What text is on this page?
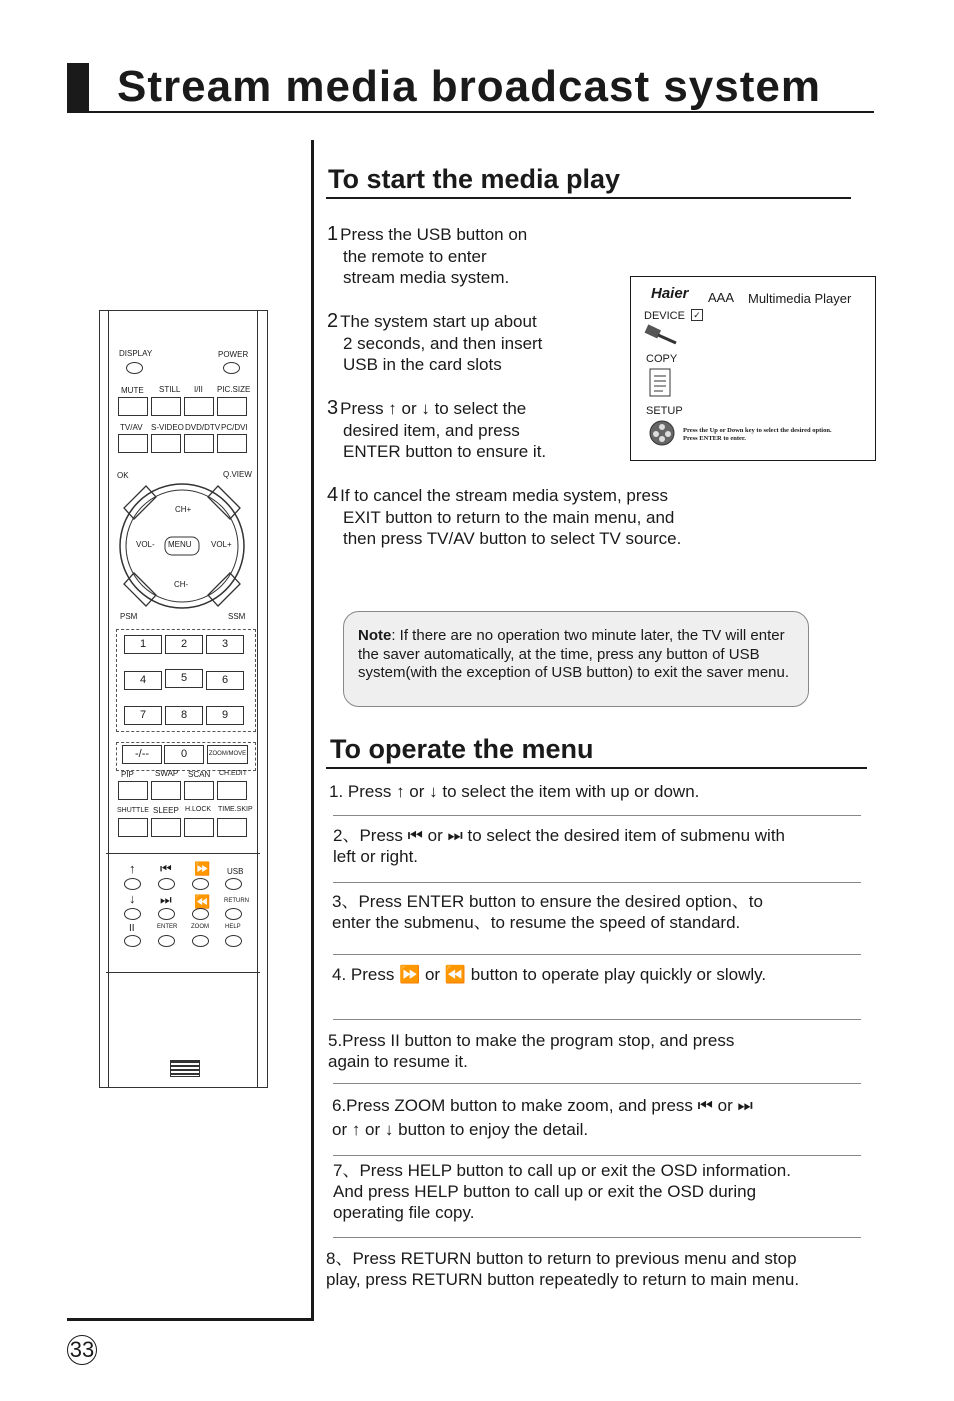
Stream media broadcast system
33
To start the media play
1 Press the USB button on
the remote to enter
stream media system.
2 The system start up about
2 seconds, and then insert
USB in the card slots
3 Press ↑ or ↓ to select the
desired item, and press
ENTER button to ensure it.
4 If to cancel the stream media system, press
EXIT button to return to the main menu, and
then press TV/AV button to select TV source.
Haier AAA Multimedia Player
DEVICE ✓
COPY
SETUP
Press the Up or Down key to select the desired option.
Press ENTER to enter.
Note: If there are no operation two minute later, the TV will enter the saver automatically, at the time, press any button of USB system(with the exception of USB button) to exit the saver menu.
To operate the menu
1. Press ↑ or ↓ to select the item with up or down.
2、Press ⏮ or ⏭ to select the desired item of submenu with
left or right.
3、Press ENTER button to ensure the desired option、to
enter the submenu、to resume the speed of standard.
4. Press ⏩ or ⏪ button to operate play quickly or slowly.
5.Press II button to make the program stop, and press
again to resume it.
6.Press ZOOM button to make zoom, and press ⏮ or ⏭
or ↑ or ↓ button to enjoy the detail.
7、Press HELP button to call up or exit the OSD information.
And press HELP button to call up or exit the OSD during
operating file copy.
8、Press RETURN button to return to previous menu and stop
play, press RETURN button repeatedly to return to main menu.
DISPLAY	POWER
MUTE STILL I/II PIC.SIZE
TV/AV S-VIDEO DVD/DTV PC/DVI
OK	Q.VIEW
CH+
VOL- MENU VOL+
CH-
PSM	SSM
1	2	3
4	5	6
7	8	9
-/--	0	ZOOM/MOVE
PIP	SWAP SCAN CH.EDIT
SHUTTLE SLEEP H.LOCK TIME.SKIP
↑ ⏮ ⏩ USB
↓ ⏭ ⏪ RETURN
II	ENTER ZOOM	HELP
